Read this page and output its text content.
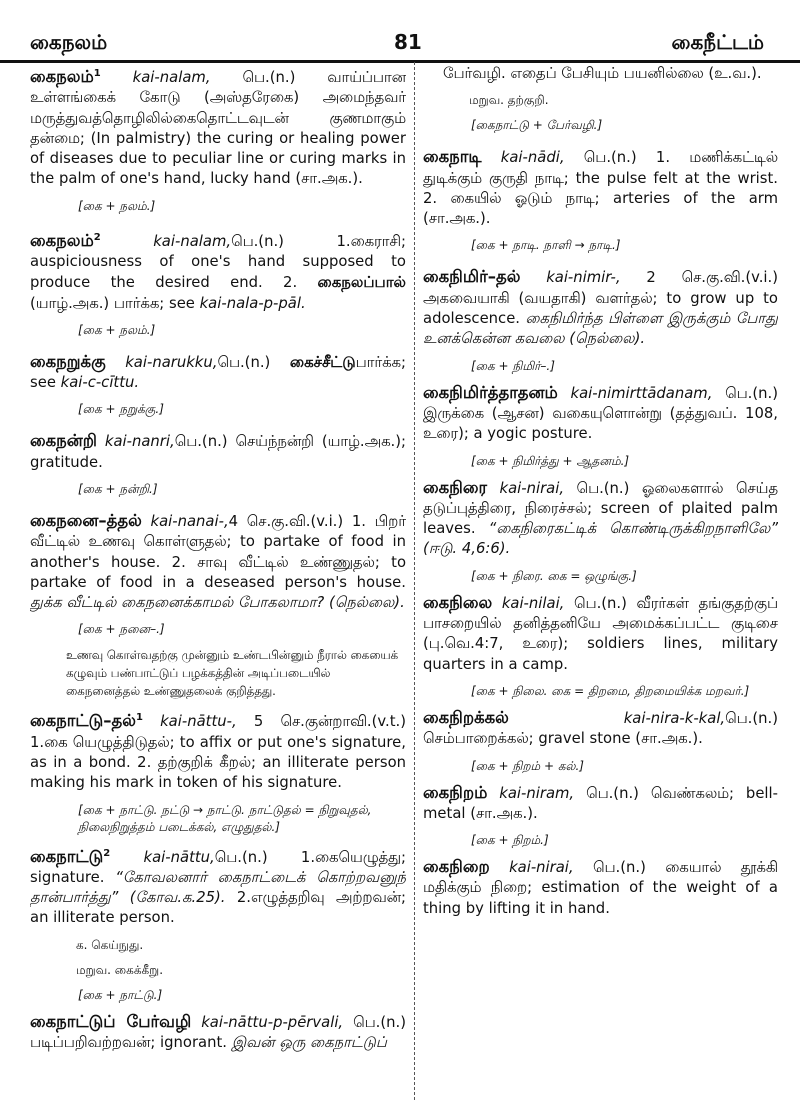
கைநலம்	81	கைநீட்டம்

கைநலம்$^1$ kai-nalam, பெ.(n.) வாய்ப்பான உள்ளங்கைக் கோடு (அஸ்தரேகை) அமைந்தவர் மருத்துவத்தொழிலில்கைதொட்டவுடன் குணமாகும் தன்மை; (In palmistry) the curing or healing power of diseases due to peculiar line or curing marks in the palm of one's hand, lucky hand (சா.அக.).

[கை + நலம்.]

கைநலம்$^2$	kai-nalam,பெ.(n.) 1.கைராசி; auspiciousness of one's hand supposed to produce the desired end. 2. கைநலப்பால் (யாழ்.அக.) பார்க்க; see kai-nala-p-pāl.

[கை + நலம்.]

கைநறுக்கு kai-narukku,பெ.(n.) கைச்சீட்டுபார்க்க; see kai-c-cīttu.

[கை + நறுக்கு.]

கைநன்றி kai-nanri,பெ.(n.) செய்ந்நன்றி (யாழ்.அக.); gratitude.

[கை + நன்றி.]

கைநனை–த்தல் kai-nanai-,4 செ.கு.வி.(v.i.) 1. பிறர் வீட்டில் உணவு கொள்ளுதல்; to partake of food in another's house. 2. சாவு வீட்டில் உண்ணுதல்; to partake of food in a deseased person's house. துக்க வீட்டில் கைநனைக்காமல் போகலாமா? (நெல்லை).

[கை + நனை–.]
உணவு கொள்வதற்கு முன்னும் உண்டபின்னும் நீரால் கையைக் கழுவும் பண்பாட்டுப் பழக்கத்தின் அடிப்படையில் கைநனைத்தல் உண்ணுதலைக் குறித்தது.

கைநாட்டு–தல்$^1$ kai-nāttu-, 5 செ.குன்றாவி.(v.t.) 1.கை யெழுத்திடுதல்; to affix or put one's signature, as in a bond. 2. தற்குறிக் கீறல்; an illiterate person making his mark in token of his signature.

[கை + நாட்டு. நட்டு → நாட்டு. நாட்டுதல் = நிறுவுதல், நிலைநிறுத்தம் படைக்கல், எழுதுதல்.]

கைநாட்டு$^2$ kai-nāttu,பெ.(n.) 1.கையெழுத்து; signature. “கோவலனார் கைநாட்டைக் கொற்றவனுந் தான்பார்த்து” (கோவ.க.25). 2.எழுத்தறிவு அற்றவன்; an illiterate person.

க. கெய்நுது.
மறுவ. கைக்கீறு.
[கை + நாட்டு.]

கைநாட்டுப் பேர்வழி kai-nāttu-p-pērvali, பெ.(n.) படிப்பறிவற்றவன்; ignorant. இவன் ஒரு கைநாட்டுப்

பேர்வழி. எதைப் பேசியும் பயனில்லை (உ.வ.).

மறுவ. தற்குறி.
[கைநாட்டு + பேர்வழி.]

கைநாடி kai-nādi, பெ.(n.) 1. மணிக்கட்டில் துடிக்கும் குருதி நாடி; the pulse felt at the wrist. 2. கையில் ஓடும் நாடி; arteries of the arm (சா.அக.).

[கை + நாடி. நாளி → நாடி.]

கைநிமிர்–தல் kai-nimir-, 2 செ.கு.வி.(v.i.) அகவையாகி (வயதாகி) வளர்தல்; to grow up to adolescence. கைநிமிர்ந்த பிள்ளை இருக்கும் போது உனக்கென்ன கவலை (நெல்லை).

[கை + நிமிர்–.]

கைநிமிர்த்தாதனம் kai-nimirttādanam, பெ.(n.) இருக்கை (ஆசன) வகையுளொன்று (தத்துவப். 108, உரை); a yogic posture.

[கை + நிமிர்த்து + ஆதனம்.]

கைநிரை kai-nirai, பெ.(n.) ஓலைகளால் செய்த தடுப்புத்திரை, நிரைச்சல்; screen of plaited palm leaves. “கைநிரைகட்டிக் கொண்டிருக்கிறநாளிலே” (ஈடு. 4,6:6).

[கை + நிரை. கை = ஒழுங்கு.]

கைநிலை kai-nilai, பெ.(n.) வீரர்கள் தங்குதற்குப் பாசறையில் தனித்தனியே அமைக்கப்பட்ட குடிசை (பு.வெ.4:7, உரை); soldiers lines, military quarters in a camp.

[கை + நிலை. கை = திறமை, திறமையிக்க மறவர்.]

கைநிறக்கல்	kai-nira-k-kal,பெ.(n.) செம்பாறைக்கல்; gravel stone (சா.அக.).

[கை + நிறம் + கல்.]

கைநிறம் kai-niram, பெ.(n.) வெண்கலம்; bell-metal (சா.அக.).

[கை + நிறம்.]

கைநிறை kai-nirai, பெ.(n.) கையால் தூக்கி மதிக்கும் நிறை; estimation of the weight of a thing by lifting it in hand.
